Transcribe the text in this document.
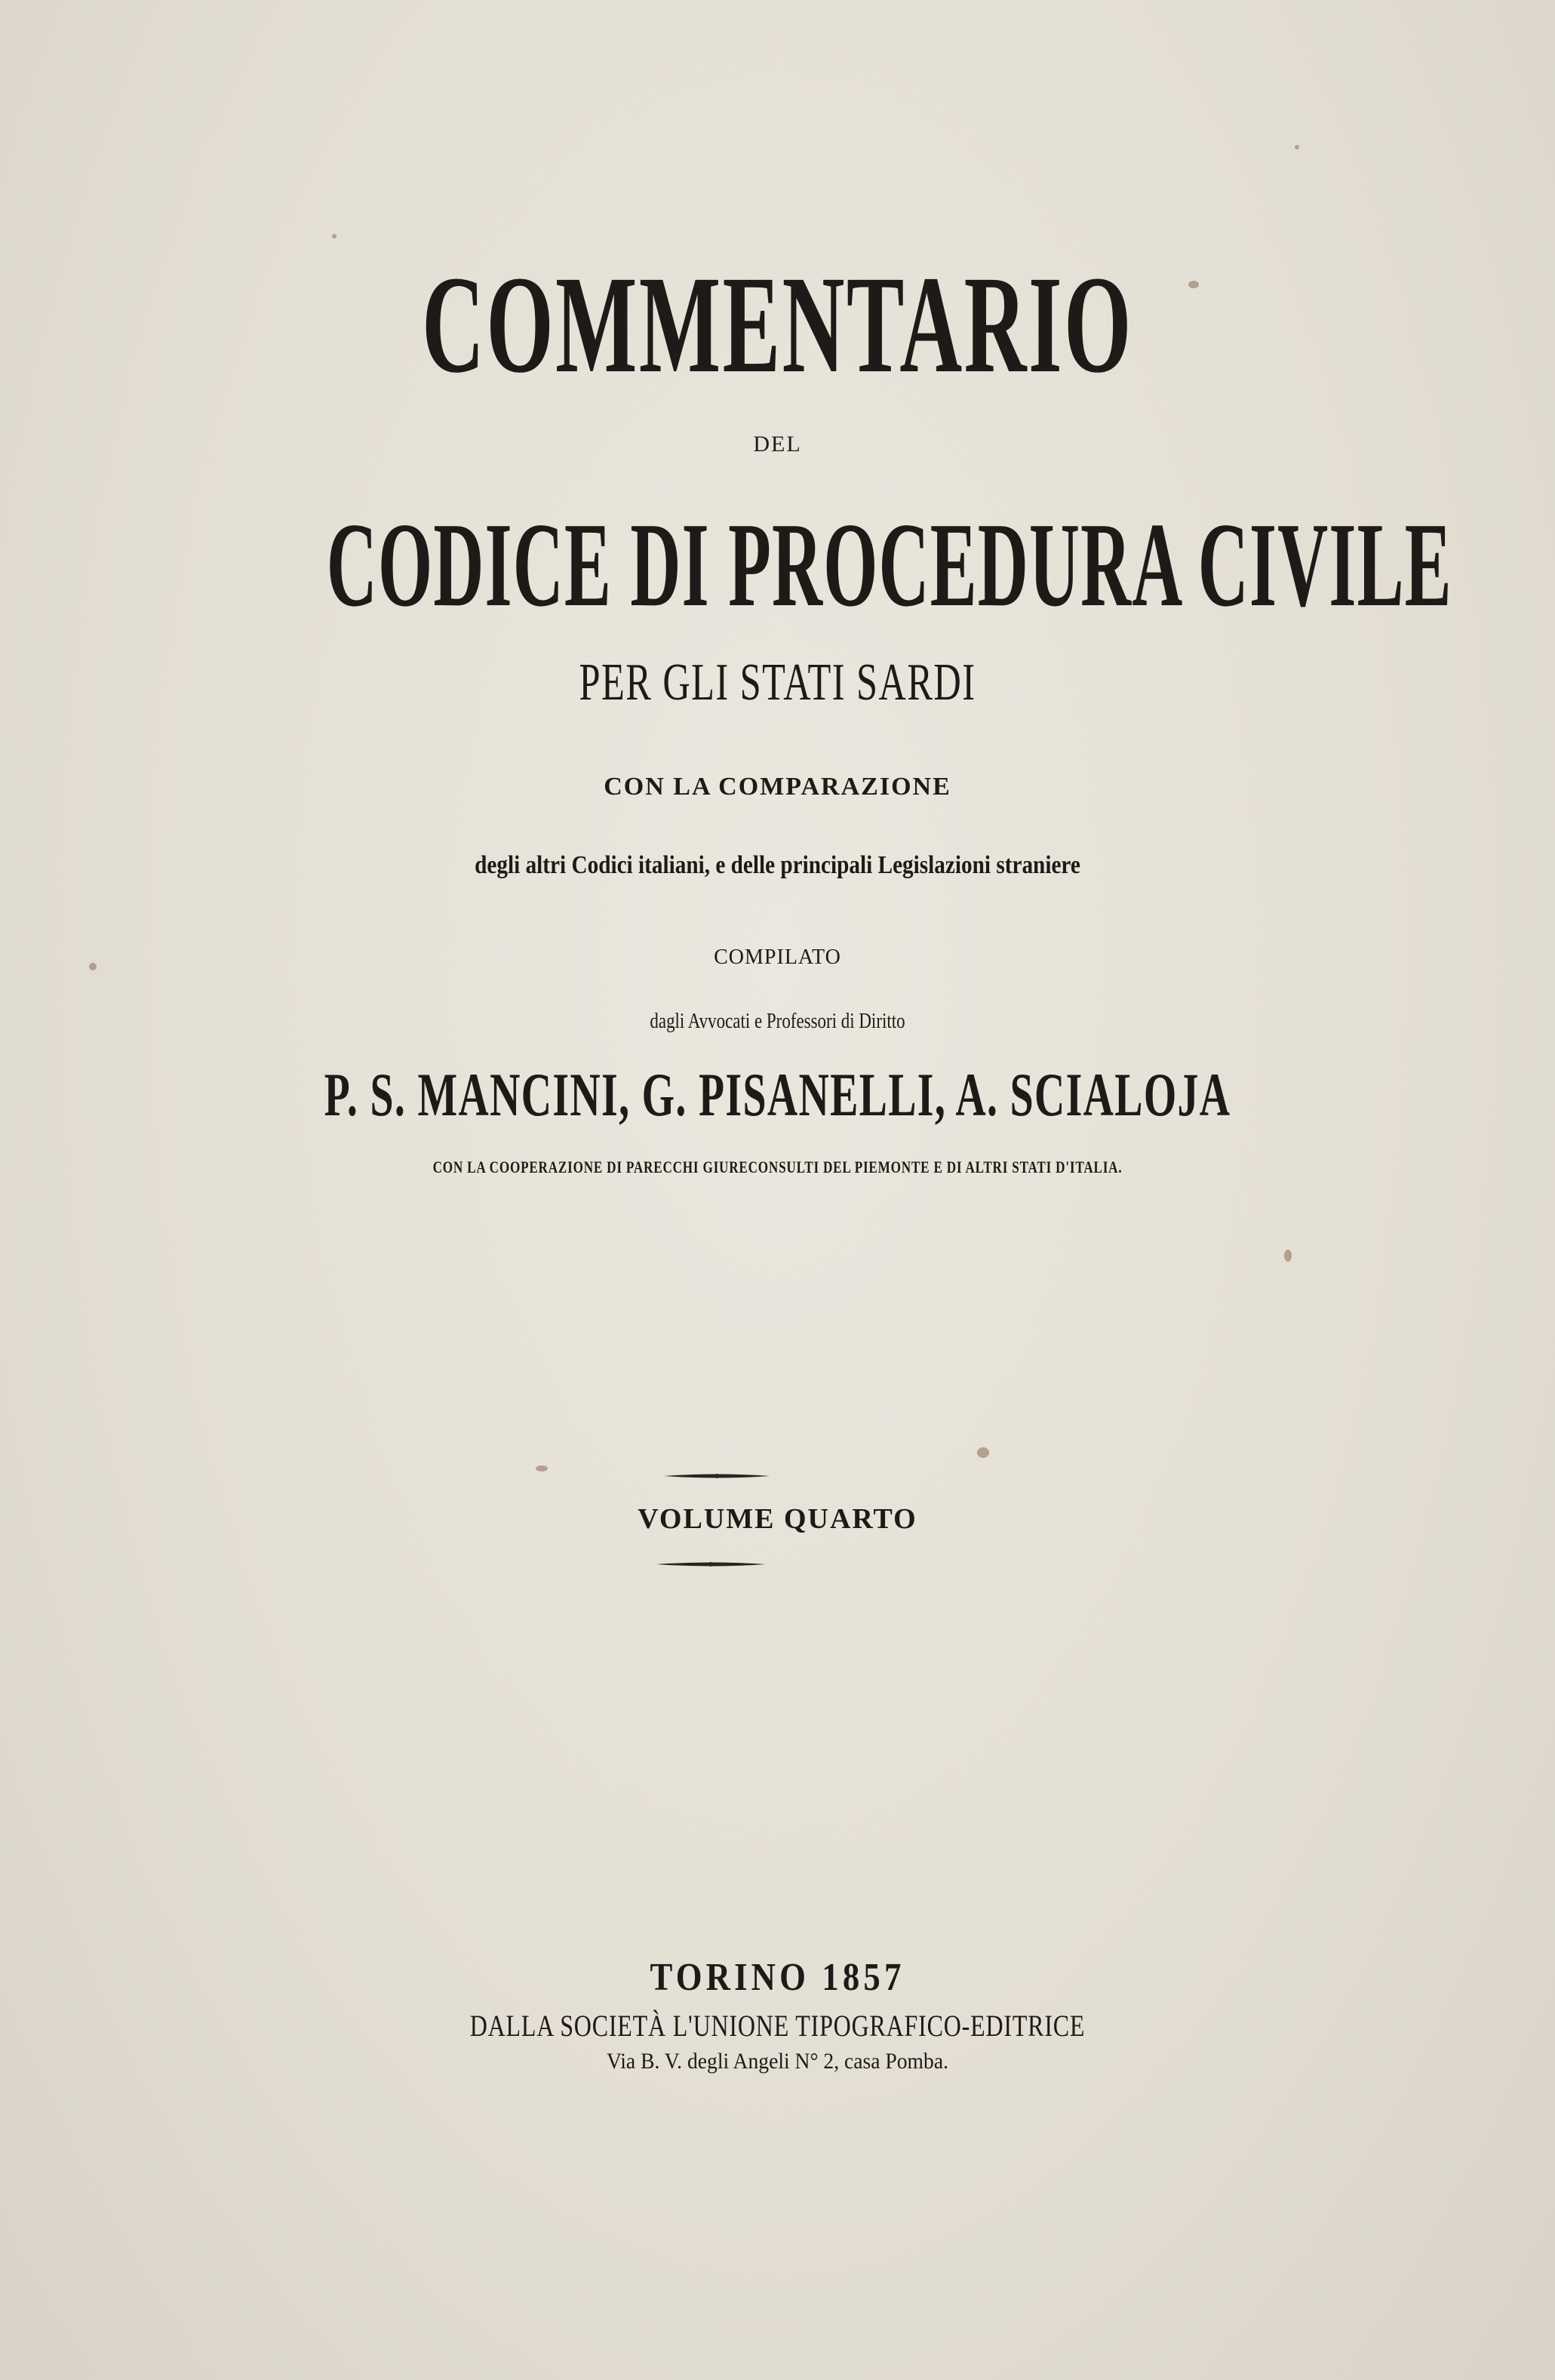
COMMENTARIO
DEL
CODICE DI PROCEDURA CIVILE
PER GLI STATI SARDI
CON LA COMPARAZIONE
degli altri Codici italiani, e delle principali Legislazioni straniere
COMPILATO
dagli Avvocati e Professori di Diritto
P. S. MANCINI, G. PISANELLI, A. SCIALOJA
CON LA COOPERAZIONE DI PARECCHI GIURECONSULTI DEL PIEMONTE E DI ALTRI STATI D'ITALIA.
VOLUME QUARTO
TORINO 1857
DALLA SOCIETÀ L'UNIONE TIPOGRAFICO-EDITRICE
Via B. V. degli Angeli N° 2, casa Pomba.
